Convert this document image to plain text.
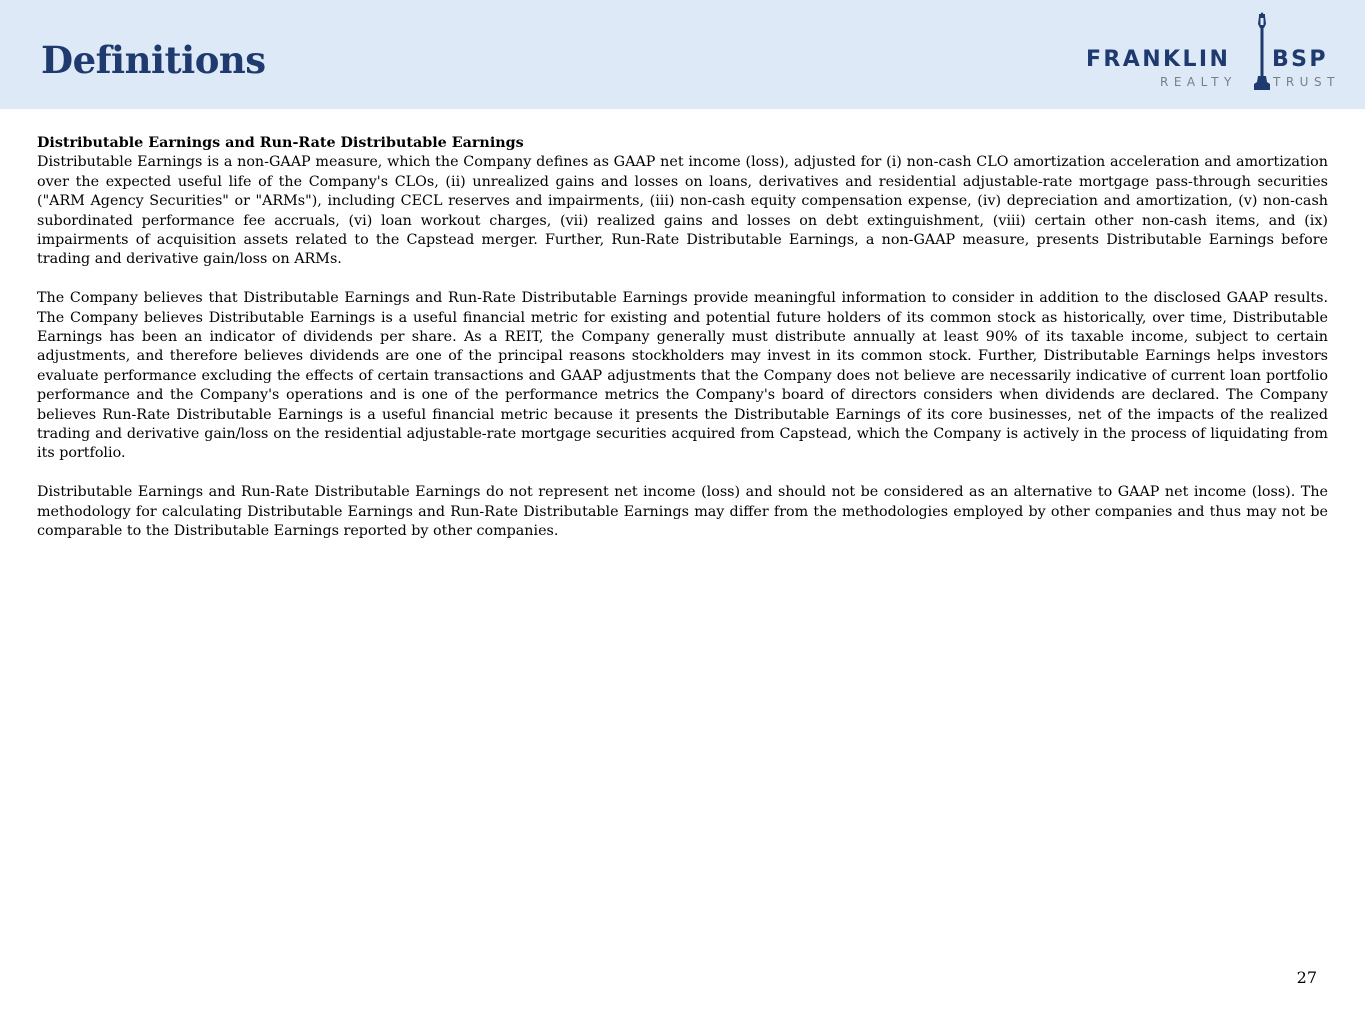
Definitions	FRANKLIN BSP
REALTY	TRUST
Distributable Earnings and Run-Rate Distributable Earnings

Distributable Earnings is a non-GAAP measure, which the Company defines as GAAP net income (loss), adjusted for (i) non-cash CLO amortization acceleration and amortization over the expected useful life of the Company's CLOs, (ii) unrealized gains and losses on loans, derivatives and residential adjustable-rate mortgage pass-through securities ("ARM Agency Securities" or "ARMs"), including CECL reserves and impairments, (iii) non-cash equity compensation expense, (iv) depreciation and amortization, (v) non-cash subordinated performance fee accruals, (vi) loan workout charges, (vii) realized gains and losses on debt extinguishment, (viii) certain other non-cash items, and (ix) impairments of acquisition assets related to the Capstead merger. Further, Run-Rate Distributable Earnings, a non-GAAP measure, presents Distributable Earnings before trading and derivative gain/loss on ARMs.

The Company believes that Distributable Earnings and Run-Rate Distributable Earnings provide meaningful information to consider in addition to the disclosed GAAP results. The Company believes Distributable Earnings is a useful financial metric for existing and potential future holders of its common stock as historically, over time, Distributable Earnings has been an indicator of dividends per share. As a REIT, the Company generally must distribute annually at least 90% of its taxable income, subject to certain adjustments, and therefore believes dividends are one of the principal reasons stockholders may invest in its common stock. Further, Distributable Earnings helps investors evaluate performance excluding the effects of certain transactions and GAAP adjustments that the Company does not believe are necessarily indicative of current loan portfolio performance and the Company's operations and is one of the performance metrics the Company's board of directors considers when dividends are declared. The Company believes Run-Rate Distributable Earnings is a useful financial metric because it presents the Distributable Earnings of its core businesses, net of the impacts of the realized trading and derivative gain/loss on the residential adjustable-rate mortgage securities acquired from Capstead, which the Company is actively in the process of liquidating from its portfolio.

Distributable Earnings and Run-Rate Distributable Earnings do not represent net income (loss) and should not be considered as an alternative to GAAP net income (loss). The methodology for calculating Distributable Earnings and Run-Rate Distributable Earnings may differ from the methodologies employed by other companies and thus may not be comparable to the Distributable Earnings reported by other companies.

27
